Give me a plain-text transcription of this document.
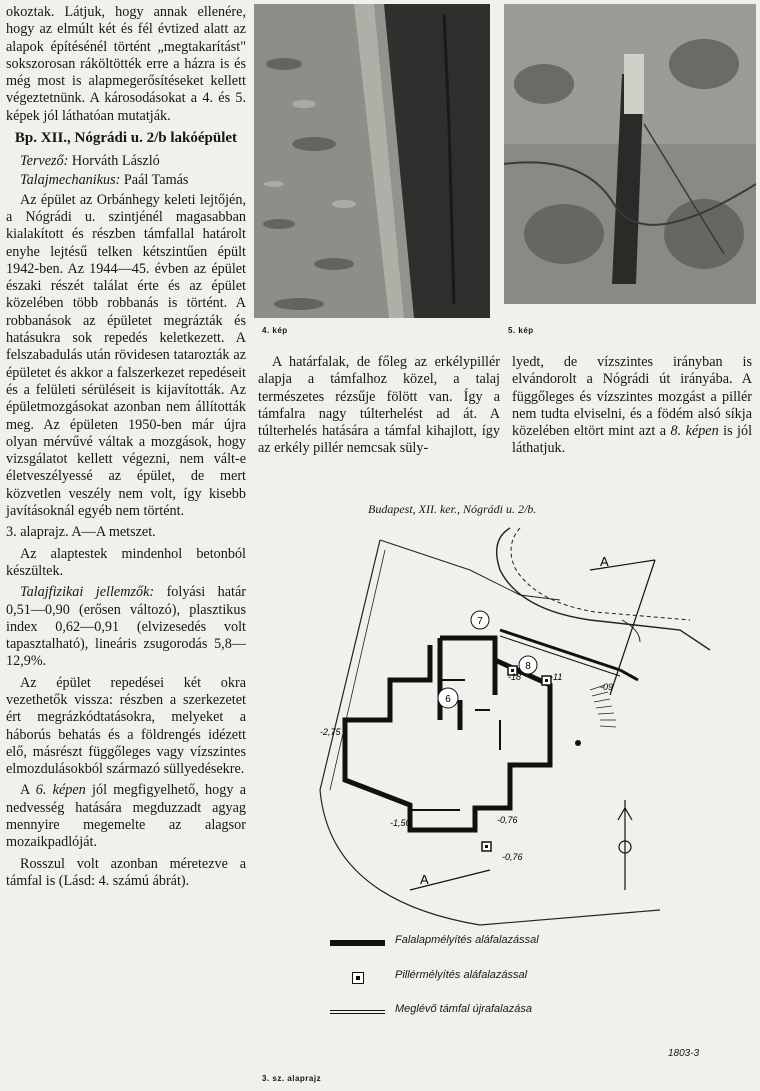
okoztak. Látjuk, hogy annak ellenére, hogy az elmúlt két és fél évtized alatt az alapok építésénél történt „megtakarítást" sokszorosan ráköltötték erre a házra is és még most is alapmegerősítéseket kellett végeztetnünk. A károsodásokat a 4. és 5. képek jól láthatóan mutatják.

Bp. XII., Nógrádi u. 2/b lakóépület

Tervező: Horváth László

Talajmechanikus: Paál Tamás

Az épület az Orbánhegy keleti lejtőjén, a Nógrádi u. szintjénél magasabban kialakított és részben támfallal határolt enyhe lejtésű telken kétszintűen épült 1942-ben. Az 1944—45. évben az épület északi részét találat érte és az épület közelében több robbanás is történt. A robbanások az épületet megrázták és hatásukra sok repedés keletkezett. A felszabadulás után rövidesen tatarozták az épületet és akkor a falszerkezet repedéseit és a felületi sérüléseit is kijavították. Az épületmozgásokat azonban nem állították meg. Az épületen 1950-ben már újra olyan mérvűvé váltak a mozgások, hogy vizsgálatot kellett végezni, nem vált-e életveszélyessé az épület, de mert közvetlen veszély nem volt, így kisebb javításoknál egyéb nem történt.

3. alaprajz. A—A metszet.

Az alaptestek mindenhol betonból készültek.

Talajfizikai jellemzők: folyási határ 0,51—0,90 (erősen változó), plasztikus index 0,62—0,91 (elvizesedés volt tapasztalható), lineáris zsugorodás 5,8—12,9%.

Az épület repedései két okra vezethetők vissza: részben a szerkezetet ért megrázkódtatásokra, melyeket a háborús behatás és a földrengés idézett elő, másrészt függőleges vagy vízszintes elmozdulásokból származó süllyedésekre.

A 6. képen jól megfigyelhető, hogy a nedvesség hatására megduzzadt agyag mennyire megemelte az alagsor mozaikpadlóját.

Rosszul volt azonban méretezve a támfal is (Lásd: 4. számú ábrát).

4. kép	5. kép

A határfalak, de főleg az erkélypillér alapja a támfalhoz közel, a talaj természetes rézsűje fölött van. Így a támfalra nagy túlterhelést ad át. A túlterhelés hatására a támfal kihajlott, így az erkély pillér nemcsak süly-

lyedt, de vízszintes irányban is elvándorolt a Nógrádi út irányába. A függőleges és vízszintes mozgást a pillér nem tudta elviselni, és a födém alsó síkja közelében eltört mint azt a 8. képen is jól láthatjuk.

Budapest, XII. ker., Nógrádi u. 2/b.
A
A
7
8
6
-18	-11
-09
-2,75
-1,50	-0,76
-0,76
Falalapmélyítés aláfalazással
Pillérmélyítés aláfalazással
Meglévő támfal újrafalazása
1803-3
3. sz. alaprajz
